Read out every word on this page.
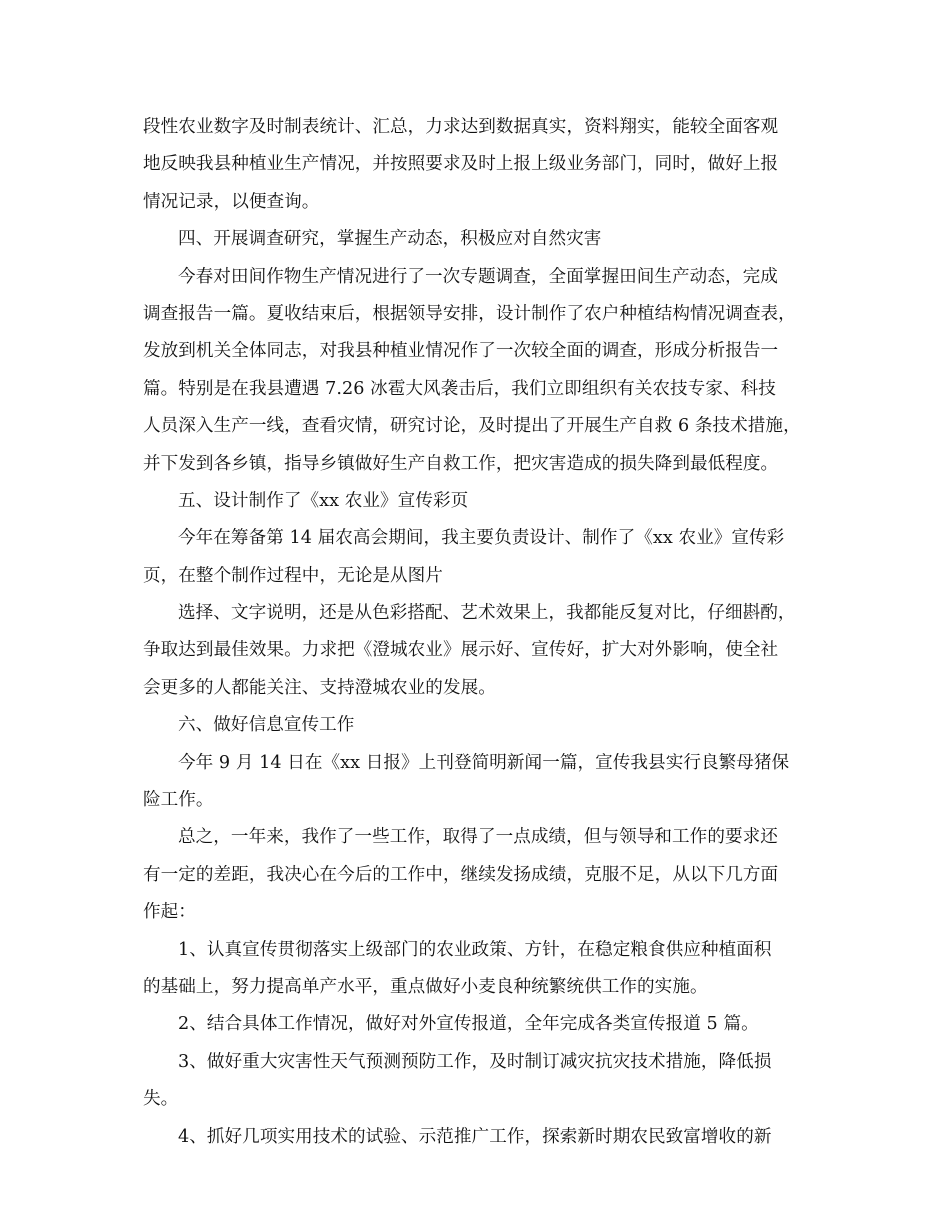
段性农业数字及时制表统计、汇总，力求达到数据真实，资料翔实，能较全面客观
地反映我县种植业生产情况，并按照要求及时上报上级业务部门，同时，做好上报
情况记录，以便查询。
四、开展调查研究，掌握生产动态，积极应对自然灾害
今春对田间作物生产情况进行了一次专题调查，全面掌握田间生产动态，完成
调查报告一篇。夏收结束后，根据领导安排，设计制作了农户种植结构情况调查表，
发放到机关全体同志，对我县种植业情况作了一次较全面的调查，形成分析报告一
篇。特别是在我县遭遇 7.26 冰雹大风袭击后，我们立即组织有关农技专家、科技
人员深入生产一线，查看灾情，研究讨论，及时提出了开展生产自救 6 条技术措施，
并下发到各乡镇，指导乡镇做好生产自救工作，把灾害造成的损失降到最低程度。
五、设计制作了《xx 农业》宣传彩页
今年在筹备第 14 届农高会期间，我主要负责设计、制作了《xx 农业》宣传彩
页，在整个制作过程中，无论是从图片
选择、文字说明，还是从色彩搭配、艺术效果上，我都能反复对比，仔细斟酌，
争取达到最佳效果。力求把《澄城农业》展示好、宣传好，扩大对外影响，使全社
会更多的人都能关注、支持澄城农业的发展。
六、做好信息宣传工作
今年 9 月 14 日在《xx 日报》上刊登简明新闻一篇，宣传我县实行良繁母猪保
险工作。
总之，一年来，我作了一些工作，取得了一点成绩，但与领导和工作的要求还
有一定的差距，我决心在今后的工作中，继续发扬成绩，克服不足，从以下几方面
作起：
1、认真宣传贯彻落实上级部门的农业政策、方针，在稳定粮食供应种植面积
的基础上，努力提高单产水平，重点做好小麦良种统繁统供工作的实施。
2、结合具体工作情况，做好对外宣传报道，全年完成各类宣传报道 5 篇。
3、做好重大灾害性天气预测预防工作，及时制订减灾抗灾技术措施，降低损
失。
4、抓好几项实用技术的试验、示范推广工作，探索新时期农民致富增收的新
